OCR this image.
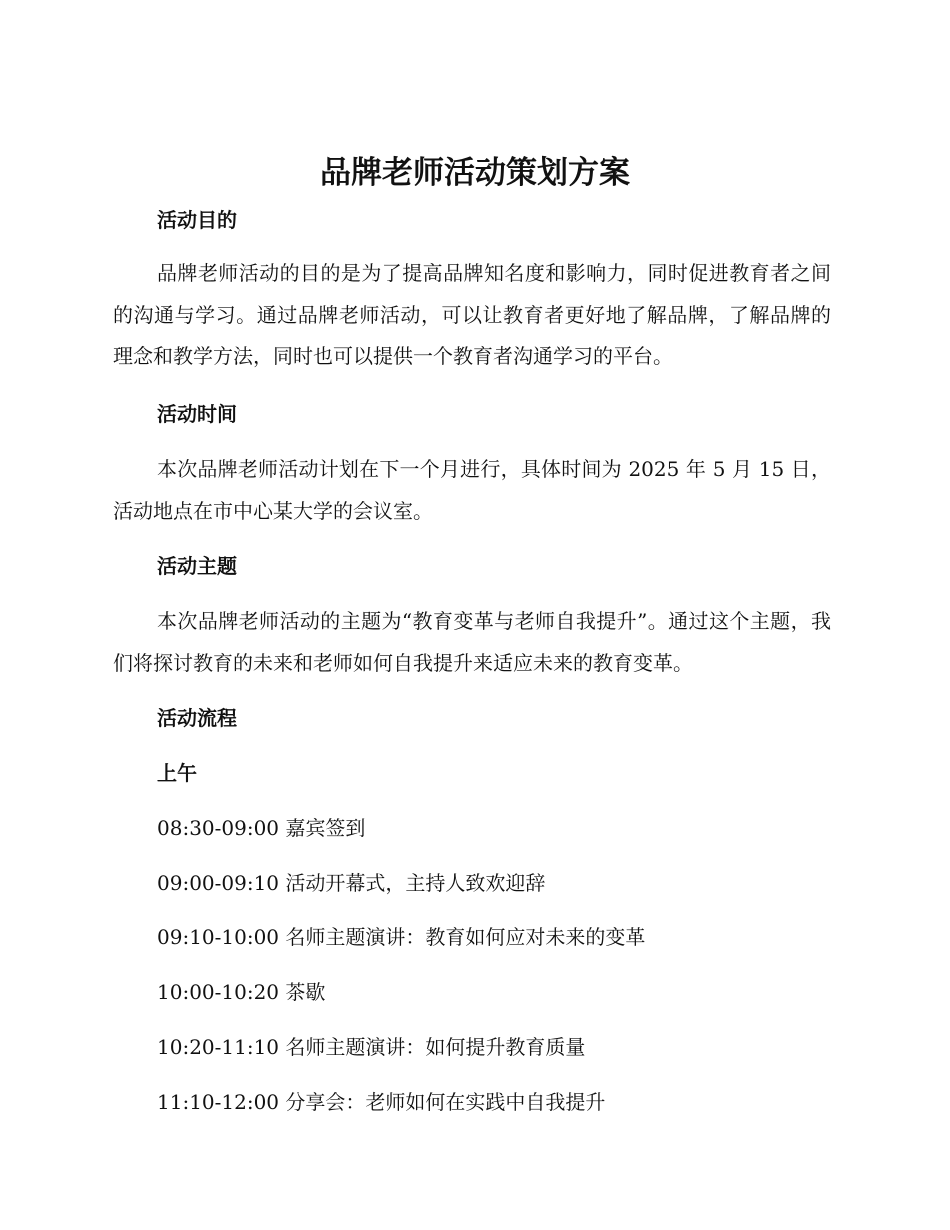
品牌老师活动策划方案
活动目的

品牌老师活动的目的是为了提高品牌知名度和影响力，同时促进教育者之间的沟通与学习。通过品牌老师活动，可以让教育者更好地了解品牌，了解品牌的理念和教学方法，同时也可以提供一个教育者沟通学习的平台。

活动时间

本次品牌老师活动计划在下一个月进行，具体时间为 2025 年 5 月 15 日，活动地点在市中心某大学的会议室。

活动主题

本次品牌老师活动的主题为“教育变革与老师自我提升”。通过这个主题，我们将探讨教育的未来和老师如何自我提升来适应未来的教育变革。

活动流程
上午

08:30-09:00 嘉宾签到

09:00-09:10 活动开幕式，主持人致欢迎辞

09:10-10:00 名师主题演讲：教育如何应对未来的变革

10:00-10:20 茶歇

10:20-11:10 名师主题演讲：如何提升教育质量

11:10-12:00 分享会：老师如何在实践中自我提升
